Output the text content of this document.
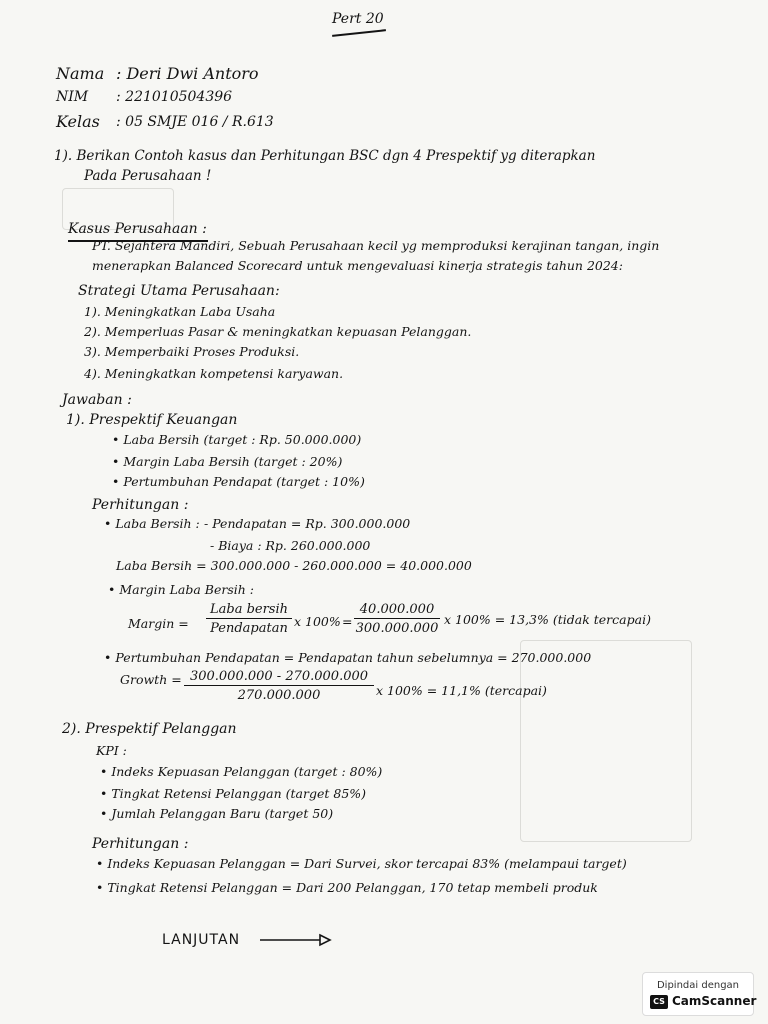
Pert 20
Nama : Deri Dwi Antoro
NIM : 221010504396
Kelas : 05 SMJE 016 / R.613
1). Berikan Contoh kasus dan Perhitungan BSC dgn 4 Prespektif yg diterapkan
Pada Perusahaan !
Kasus Perusahaan :
PT. Sejahtera Mandiri, Sebuah Perusahaan kecil yg memproduksi kerajinan tangan, ingin
menerapkan Balanced Scorecard untuk mengevaluasi kinerja strategis tahun 2024:
Strategi Utama Perusahaan:
1). Meningkatkan Laba Usaha
2). Memperluas Pasar & meningkatkan kepuasan Pelanggan.
3). Memperbaiki Proses Produksi.
4). Meningkatkan kompetensi karyawan.
Jawaban :
1). Prespektif Keuangan
• Laba Bersih (target : Rp. 50.000.000)
• Margin Laba Bersih (target : 20%)
• Pertumbuhan Pendapat (target : 10%)
Perhitungan :
• Laba Bersih : - Pendapatan = Rp. 300.000.000
- Biaya : Rp. 260.000.000
Laba Bersih = 300.000.000 - 260.000.000 = 40.000.000
• Margin Laba Bersih :
Margin =
Laba bersih
Pendapatan x $100\% = \frac{40.000.000}{300.000.000}$ x 100% = 13,3% (tidak tercapai)
• Pertumbuhan Pendapatan = Pendapatan tahun sebelumnya = 270.000.000
Growth = $\frac{300.000.000 - 270.000.000}{270.000.000}$ x 100% = 11,1% (tercapai)
2). Prespektif Pelanggan
KPI :
• Indeks Kepuasan Pelanggan (target : 80%)
• Tingkat Retensi Pelanggan (target 85%)
• Jumlah Pelanggan Baru (target 50)
Perhitungan :
• Indeks Kepuasan Pelanggan = Dari Survei, skor tercapai 83% (melampaui target)
• Tingkat Retensi Pelanggan = Dari 200 Pelanggan, 170 tetap membeli produk
LANJUTAN
Dipindai dengan
CS CamScanner
